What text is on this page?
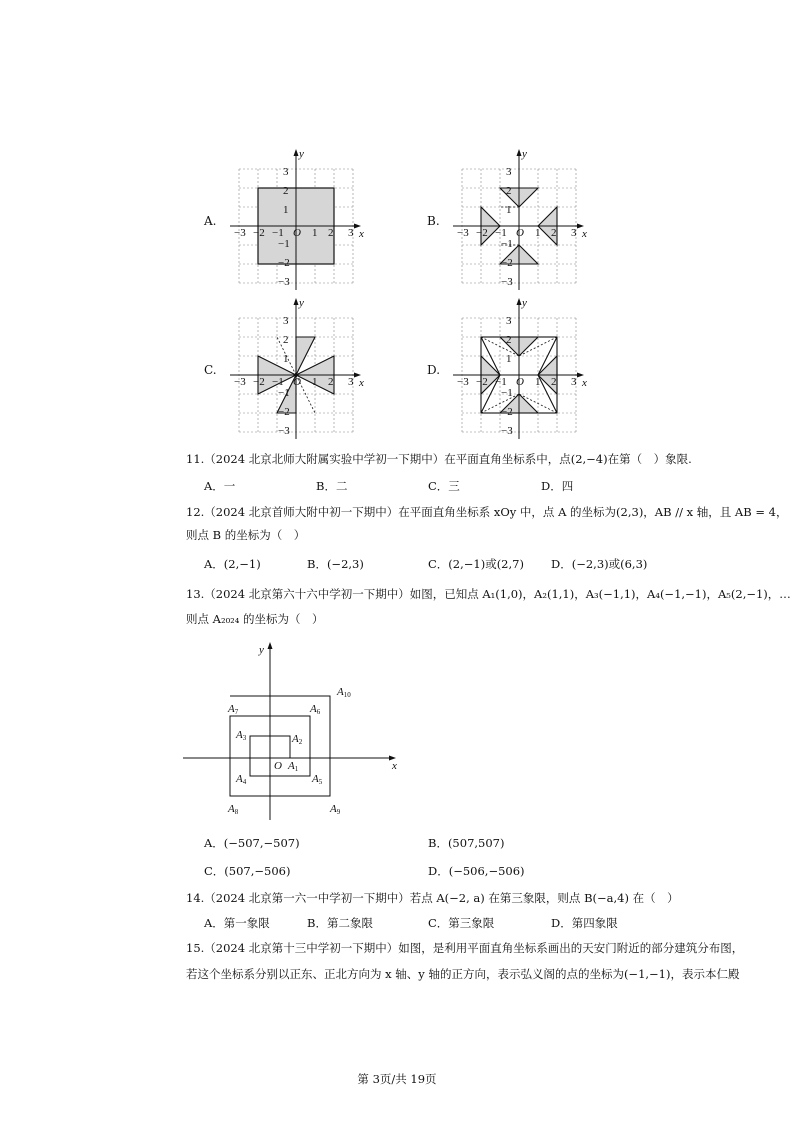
A.	B.
C.	D.
−3 −2 −1	1 2 3
3
2
1
−1
−2
−3
O	x
y
−3 −2 −1	1 2 3
3
2
1
−1
−2
−3
O	x
y
−3 −2 −1	1 2 3
3
2
1
−1
−2
−3
O	x
y
−3 −2 −1	1 2 3
3
2
1
−1
−2
−3
O	x
y
11.（2024 北京北师大附属实验中学初一下期中）在平面直角坐标系中，点(2,−4)在第（　）象限.
A．一	B．二	C．三	D．四
12.（2024 北京首师大附中初一下期中）在平面直角坐标系 xOy 中，点 A 的坐标为(2,3)，AB // x 轴，且 AB = 4，
则点 B 的坐标为（　）
A．(2,−1)	B．(−2,3)	C．(2,−1)或(2,7) D．(−2,3)或(6,3)
13.（2024 北京第六十六中学初一下期中）如图，已知点 A₁(1,0)，A₂(1,1)，A₃(−1,1)，A₄(−1,−1)，A₅(2,−1)，…
则点 A₂₀₂₄ 的坐标为（　）
y
x
O A1
A2
A3
A4	A5
A6
A7
A8	A9
A10
A．(−507,−507)	B．(507,507)
C．(507,−506)	D．(−506,−506)
14.（2024 北京第一六一中学初一下期中）若点 A(−2, a) 在第三象限，则点 B(−a,4) 在（　）
A．第一象限	B．第二象限	C．第三象限	D．第四象限
15.（2024 北京第十三中学初一下期中）如图，是利用平面直角坐标系画出的天安门附近的部分建筑分布图，
若这个坐标系分别以正东、正北方向为 x 轴、y 轴的正方向，表示弘义阁的点的坐标为(−1,−1)，表示本仁殿
第 3页/共 19页
